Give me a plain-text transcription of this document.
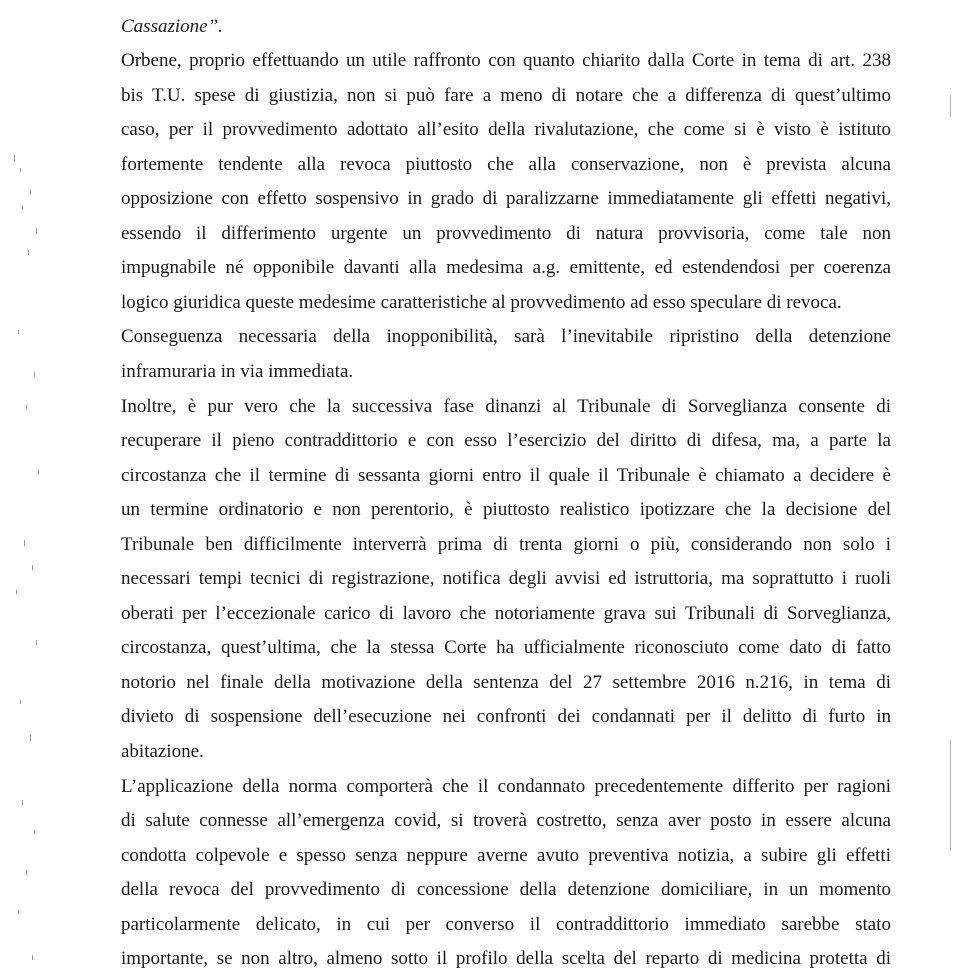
Cassazione”.
Orbene, proprio effettuando un utile raffronto con quanto chiarito dalla Corte in tema di art. 238
bis T.U. spese di giustizia, non si può fare a meno di notare che a differenza di quest’ultimo
caso, per il provvedimento adottato all’esito della rivalutazione, che come si è visto è istituto
fortemente tendente alla revoca piuttosto che alla conservazione, non è prevista alcuna
opposizione con effetto sospensivo in grado di paralizzarne immediatamente gli effetti negativi,
essendo il differimento urgente un provvedimento di natura provvisoria, come tale non
impugnabile né opponibile davanti alla medesima a.g. emittente, ed estendendosi per coerenza
logico giuridica queste medesime caratteristiche al provvedimento ad esso speculare di revoca.
Conseguenza necessaria della inopponibilità, sarà l’inevitabile ripristino della detenzione
inframuraria in via immediata.
Inoltre, è pur vero che la successiva fase dinanzi al Tribunale di Sorveglianza consente di
recuperare il pieno contraddittorio e con esso l’esercizio del diritto di difesa, ma, a parte la
circostanza che il termine di sessanta giorni entro il quale il Tribunale è chiamato a decidere è
un termine ordinatorio e non perentorio, è piuttosto realistico ipotizzare che la decisione del
Tribunale ben difficilmente interverrà prima di trenta giorni o più, considerando non solo i
necessari tempi tecnici di registrazione, notifica degli avvisi ed istruttoria, ma soprattutto i ruoli
oberati per l’eccezionale carico di lavoro che notoriamente grava sui Tribunali di Sorveglianza,
circostanza, quest’ultima, che la stessa Corte ha ufficialmente riconosciuto come dato di fatto
notorio nel finale della motivazione della sentenza del 27 settembre 2016 n.216, in tema di
divieto di sospensione dell’esecuzione nei confronti dei condannati per il delitto di furto in
abitazione.
L’applicazione della norma comporterà che il condannato precedentemente differito per ragioni
di salute connesse all’emergenza covid, si troverà costretto, senza aver posto in essere alcuna
condotta colpevole e spesso senza neppure averne avuto preventiva notizia, a subire gli effetti
della revoca del provvedimento di concessione della detenzione domiciliare, in un momento
particolarmente delicato, in cui per converso il contraddittorio immediato sarebbe stato
importante, se non altro, almeno sotto il profilo della scelta del reparto di medicina protetta di
